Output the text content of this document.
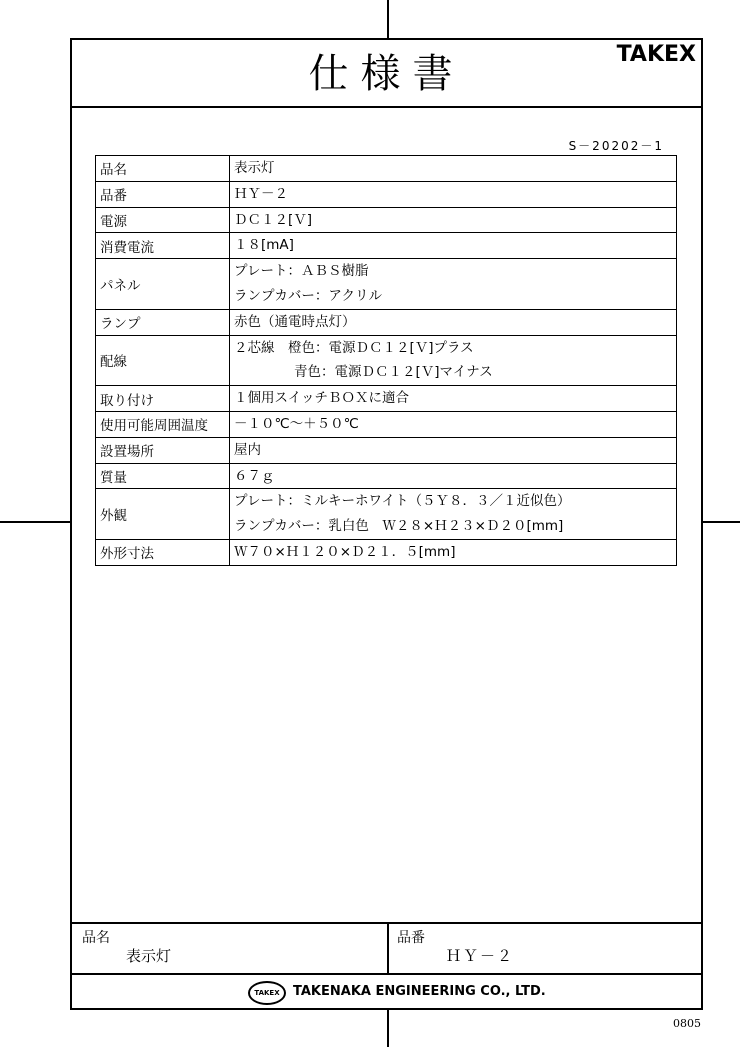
仕様書	TAKEX
S－20202－1
品名	表示灯

品番	ＨＹ－２

電源	ＤＣ１２[Ｖ]

消費電流	１８[mA]

パネル	プレート：ＡＢＳ樹脂
ランプカバー：アクリル

ランプ	赤色（通電時点灯）

配線	２芯線　橙色：電源ＤＣ１２[Ｖ]プラス
青色：電源ＤＣ１２[Ｖ]マイナス

取り付け	１個用スイッチＢＯＸに適合

使用可能周囲温度	－１０℃～＋５０℃

設置場所	屋内

質量	６７ｇ

外観	プレート：ミルキーホワイト（５Ｙ８．３／１近似色）
ランプカバー：乳白色　Ｗ２８×Ｈ２３×Ｄ２０[mm]

外形寸法	Ｗ７０×Ｈ１２０×Ｄ２１．５[mm]
品名
表示灯
品番
ＨＹ－２
TAKEX	TAKENAKA ENGINEERING CO., LTD.
0805
